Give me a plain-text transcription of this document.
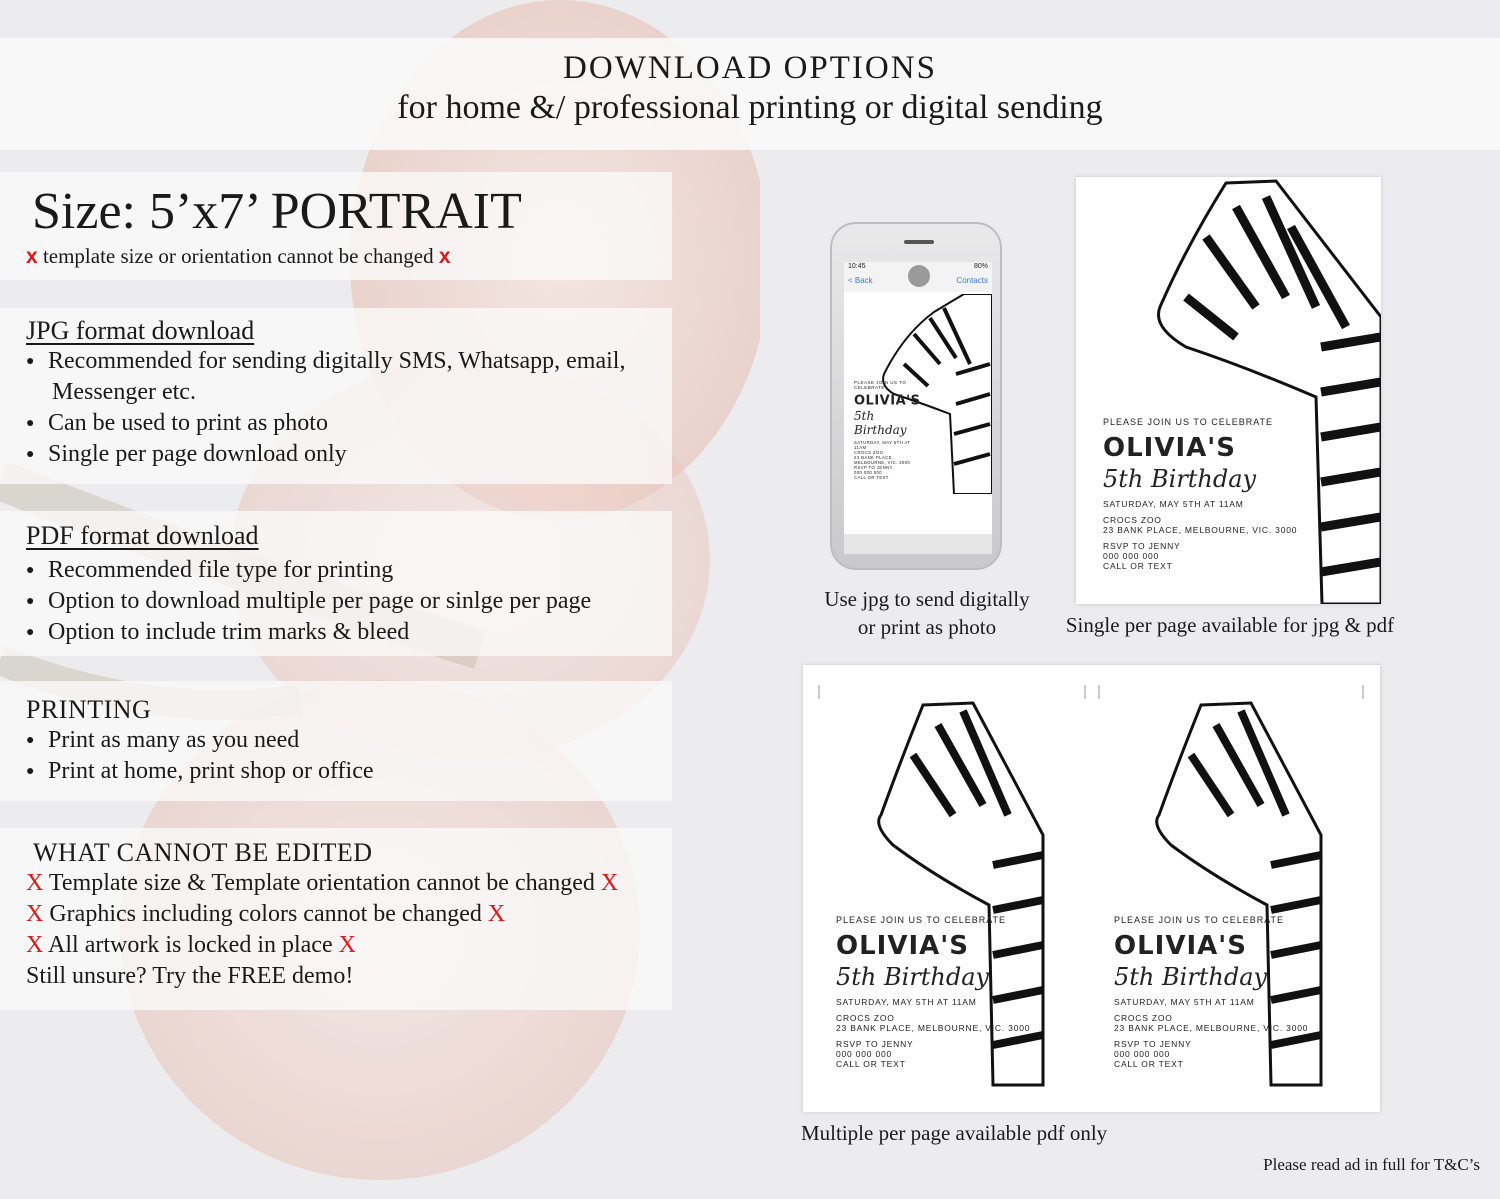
DOWNLOAD OPTIONS
for home &/ professional printing or digital sending
Size: 5’x7’ PORTRAIT
x template size or orientation cannot be changed x
JPG format download
● Recommended for sending digitally SMS, Whatsapp, email,
Messenger etc.
● Can be used to print as photo
● Single per page download only
PDF format download
● Recommended file type for printing
● Option to download multiple per page or sinlge per page
● Option to include trim marks & bleed
PRINTING
● Print as many as you need
● Print at home, print shop or office
WHAT CANNOT BE EDITED
X Template size & Template orientation cannot be changed X
X Graphics including colors cannot be changed X
X All artwork is locked in place X
Still unsure? Try the FREE demo!
10:45	80%
< Back	Contacts
PLEASE JOIN US TO CELEBRATE
OLIVIA'S
5th Birthday
SATURDAY, MAY 5TH AT 11AM
CROCS ZOO
23 BANK PLACE, MELBOURNE, VIC. 3000
RSVP TO JENNY
000 000 000
CALL OR TEXT
PLEASE JOIN US TO CELEBRATE
OLIVIA'S
5th Birthday
SATURDAY, MAY 5TH AT 11AM
CROCS ZOO
23 BANK PLACE, MELBOURNE, VIC. 3000
RSVP TO JENNY
000 000 000
CALL OR TEXT
PLEASE JOIN US TO CELEBRATE
OLIVIA'S
5th Birthday
SATURDAY, MAY 5TH AT 11AM
CROCS ZOO
23 BANK PLACE, MELBOURNE, VIC. 3000
RSVP TO JENNY
000 000 000
CALL OR TEXT
PLEASE JOIN US TO CELEBRATE
OLIVIA'S
5th Birthday
SATURDAY, MAY 5TH AT 11AM
CROCS ZOO
23 BANK PLACE, MELBOURNE, VIC. 3000
RSVP TO JENNY
000 000 000
CALL OR TEXT
Use jpg to send digitally
or print as photo	Single per page available for jpg & pdf
Multiple per page available pdf only
Please read ad in full for T&C’s
